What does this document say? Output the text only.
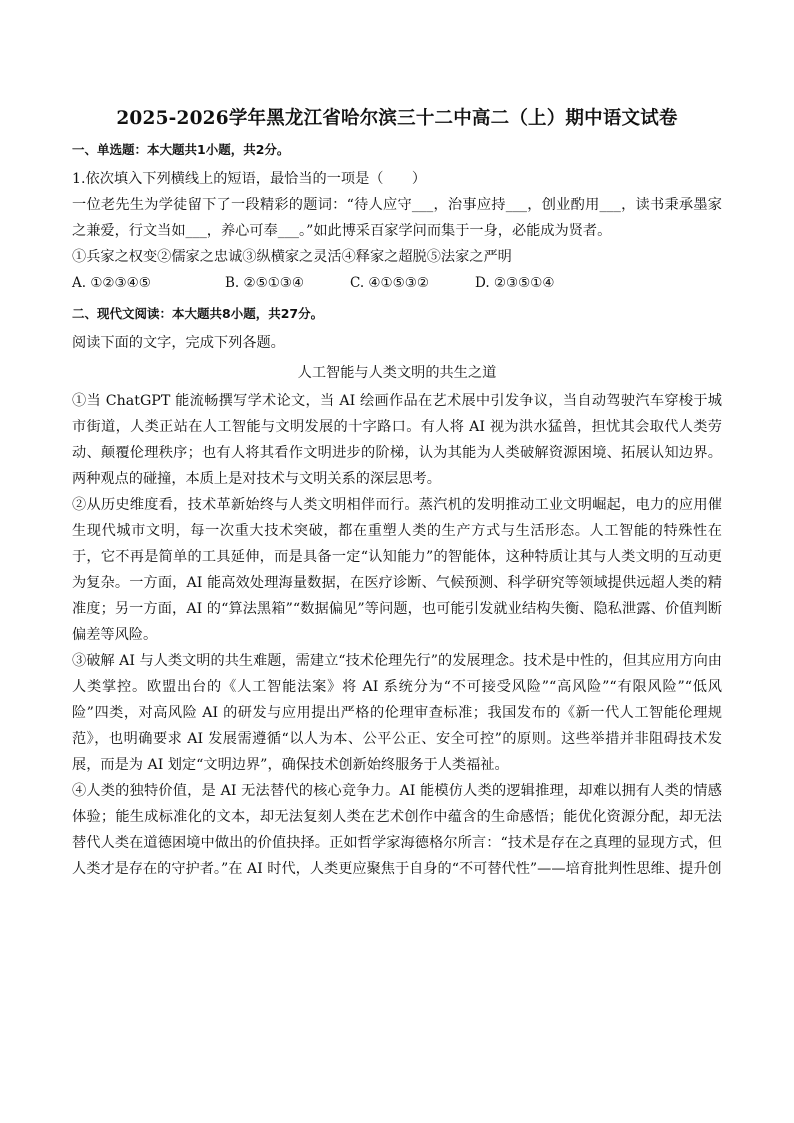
2025-2026学年黑龙江省哈尔滨三十二中高二（上）期中语文试卷
一、单选题：本大题共1小题，共2分。

1.依次填入下列横线上的短语，最恰当的一项是（　　）

一位老先生为学徒留下了一段精彩的题词：“待人应守___，治事应持___，创业酌用___，读书秉承墨家之兼爱，行文当如___，养心可奉___。”如此博采百家学问而集于一身，必能成为贤者。

①兵家之权变②儒家之忠诚③纵横家之灵活④释家之超脱⑤法家之严明

A. ①②③④⑤	B. ②⑤①③④	C. ④①⑤③②	D. ②③⑤①④
二、现代文阅读：本大题共8小题，共27分。

阅读下面的文字，完成下列各题。

人工智能与人类文明的共生之道

①当 ChatGPT 能流畅撰写学术论文，当 AI 绘画作品在艺术展中引发争议，当自动驾驶汽车穿梭于城市街道，人类正站在人工智能与文明发展的十字路口。有人将 AI 视为洪水猛兽，担忧其会取代人类劳动、颠覆伦理秩序；也有人将其看作文明进步的阶梯，认为其能为人类破解资源困境、拓展认知边界。两种观点的碰撞，本质上是对技术与文明关系的深层思考。

②从历史维度看，技术革新始终与人类文明相伴而行。蒸汽机的发明推动工业文明崛起，电力的应用催生现代城市文明，每一次重大技术突破，都在重塑人类的生产方式与生活形态。人工智能的特殊性在于，它不再是简单的工具延伸，而是具备一定“认知能力”的智能体，这种特质让其与人类文明的互动更为复杂。一方面，AI 能高效处理海量数据，在医疗诊断、气候预测、科学研究等领域提供远超人类的精准度；另一方面，AI 的“算法黑箱”“数据偏见”等问题，也可能引发就业结构失衡、隐私泄露、价值判断偏差等风险。

③破解 AI 与人类文明的共生难题，需建立“技术伦理先行”的发展理念。技术是中性的，但其应用方向由人类掌控。欧盟出台的《人工智能法案》将 AI 系统分为“不可接受风险”“高风险”“有限风险”“低风险”四类，对高风险 AI 的研发与应用提出严格的伦理审查标准；我国发布的《新一代人工智能伦理规范》，也明确要求 AI 发展需遵循“以人为本、公平公正、安全可控”的原则。这些举措并非阻碍技术发展，而是为 AI 划定“文明边界”，确保技术创新始终服务于人类福祉。

④人类的独特价值，是 AI 无法替代的核心竞争力。AI 能模仿人类的逻辑推理，却难以拥有人类的情感体验；能生成标准化的文本，却无法复刻人类在艺术创作中蕴含的生命感悟；能优化资源分配，却无法替代人类在道德困境中做出的价值抉择。正如哲学家海德格尔所言：“技术是存在之真理的显现方式，但人类才是存在的守护者。”在 AI 时代，人类更应聚焦于自身的“不可替代性”——培育批判性思维、提升创
